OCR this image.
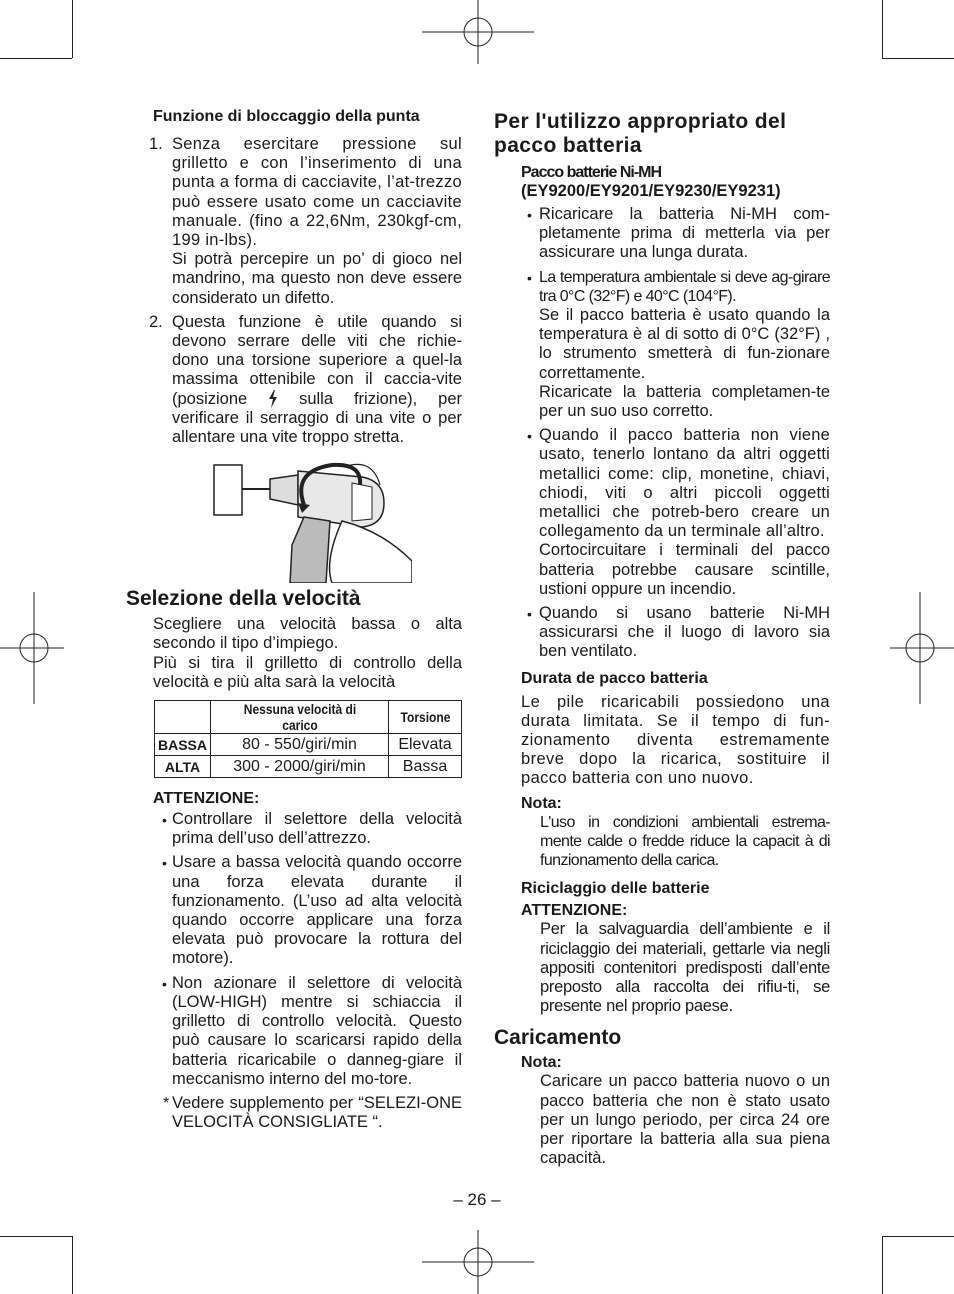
Funzione di bloccaggio della punta

1. Senza esercitare pressione sul grilletto e con l’inserimento di una punta a forma di cacciavite, l’at-trezzo può essere usato come un cacciavite manuale. (fino a 22,6Nm, 230kgf-cm, 199 in-lbs).
Si potrà percepire un po’ di gioco nel mandrino, ma questo non deve essere considerato un difetto.
2. Questa funzione è utile quando si devono serrare delle viti che richie-dono una torsione superiore a quel-la massima ottenibile con il caccia-vite (posizione	sulla frizione), per verificare il serraggio di una vite o per allentare una vite troppo stretta.
Selezione della velocità

Scegliere una velocità bassa o alta secondo il tipo d’impiego.

Più si tira il grilletto di controllo della velocità e più alta sarà la velocità

	Nessuna velocità di carico	Torsione
BASSA	80 - 550/giri/min	Elevata
ALTA	300 - 2000/giri/min	Bassa

ATTENZIONE:

• Controllare il selettore della velocità prima dell’uso dell’attrezzo.
• Usare a bassa velocità quando occorre una forza elevata durante il funzionamento. (L’uso ad alta velocità quando occorre applicare una forza elevata può provocare la rottura del motore).
• Non azionare il selettore di velocità (LOW-HIGH) mentre si schiaccia il grilletto di controllo velocità. Questo può causare lo scaricarsi rapido della batteria ricaricabile o danneg-giare il meccanismo interno del mo-tore.
* Vedere supplemento per “SELEZI-ONE VELOCITÀ CONSIGLIATE “.
Per l'utilizzo appropriato del pacco batteria

Pacco batterie Ni-MH

(EY9200/EY9201/EY9230/EY9231)

• Ricaricare la batteria Ni-MH com-pletamente prima di metterla via per assicurare una lunga durata.
• La temperatura ambientale si deve ag-girare tra 0°C (32°F) e 40°C (104°F).
Se il pacco batteria è usato quando la temperatura è al di sotto di 0°C (32°F) , lo strumento smetterà di fun-zionare correttamente.
Ricaricate la batteria completamen-te per un suo uso corretto.
• Quando il pacco batteria non viene usato, tenerlo lontano da altri oggetti metallici come: clip, monetine, chiavi, chiodi, viti o altri piccoli oggetti metallici che potreb-bero creare un collegamento da un terminale all’altro.
Cortocircuitare i terminali del pacco batteria potrebbe causare scintille, ustioni oppure un incendio.
• Quando si usano batterie Ni-MH assicurarsi che il luogo di lavoro sia ben ventilato.

Durata de pacco batteria

Le pile ricaricabili possiedono una durata limitata. Se il tempo di fun-zionamento diventa estremamente breve dopo la ricarica, sostituire il pacco batteria con uno nuovo.

Nota:

L'uso in condizioni ambientali estrema-mente calde o fredde riduce la capacit à di funzionamento della carica.

Riciclaggio delle batterie

ATTENZIONE:

Per la salvaguardia dell’ambiente e il riciclaggio dei materiali, gettarle via negli appositi contenitori predisposti dall’ente preposto alla raccolta dei rifiu-ti, se presente nel proprio paese.

Caricamento

Nota:

Caricare un pacco batteria nuovo o un pacco batteria che non è stato usato per un lungo periodo, per circa 24 ore per riportare la batteria alla sua piena capacità.

– 26 –
